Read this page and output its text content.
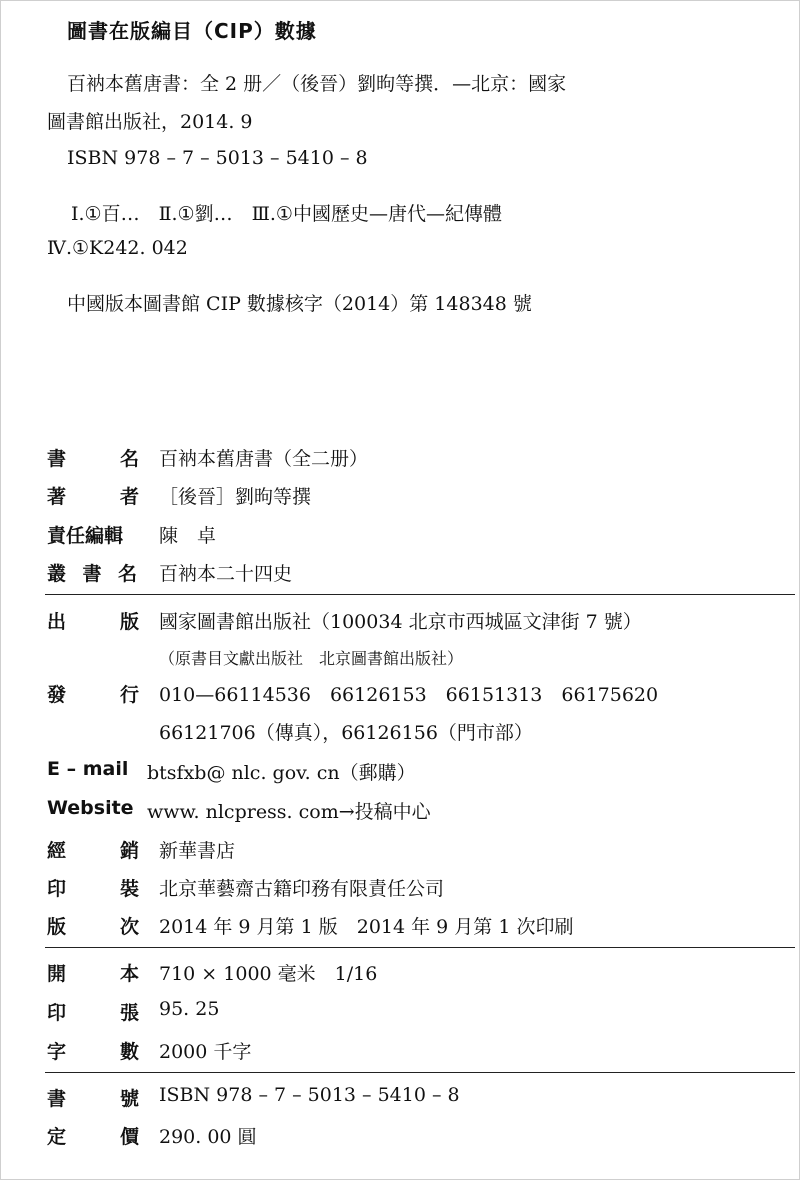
圖書在版編目（CIP）數據
百衲本舊唐書：全 2 册／（後晉）劉昫等撰．—北京：國家
圖書館出版社，2014. 9
ISBN 978 – 7 – 5013 – 5410 – 8
Ⅰ.①百…　Ⅱ.①劉…　Ⅲ.①中國歷史—唐代—紀傳體
Ⅳ.①K242. 042
中國版本圖書館 CIP 數據核字（2014）第 148348 號
書	名 百衲本舊唐書（全二册）
著	者 ［後晉］劉昫等撰
責任編輯 陳　卓
叢 書 名 百衲本二十四史
出	版 國家圖書館出版社（100034 北京市西城區文津街 7 號）
（原書目文獻出版社　北京圖書館出版社）
發	行 010—66114536　66126153　66151313　66175620
66121706（傳真），66126156（門市部）
E – mail btsfxb@ nlc. gov. cn（郵購）
Website www. nlcpress. com→投稿中心
經	銷 新華書店
印	裝 北京華藝齋古籍印務有限責任公司
版	次 2014 年 9 月第 1 版　2014 年 9 月第 1 次印刷
開	本 710 × 1000 毫米　1/16
印	張 95. 25
字	數 2000 千字
書	號 ISBN 978 – 7 – 5013 – 5410 – 8
定	價 290. 00 圓
